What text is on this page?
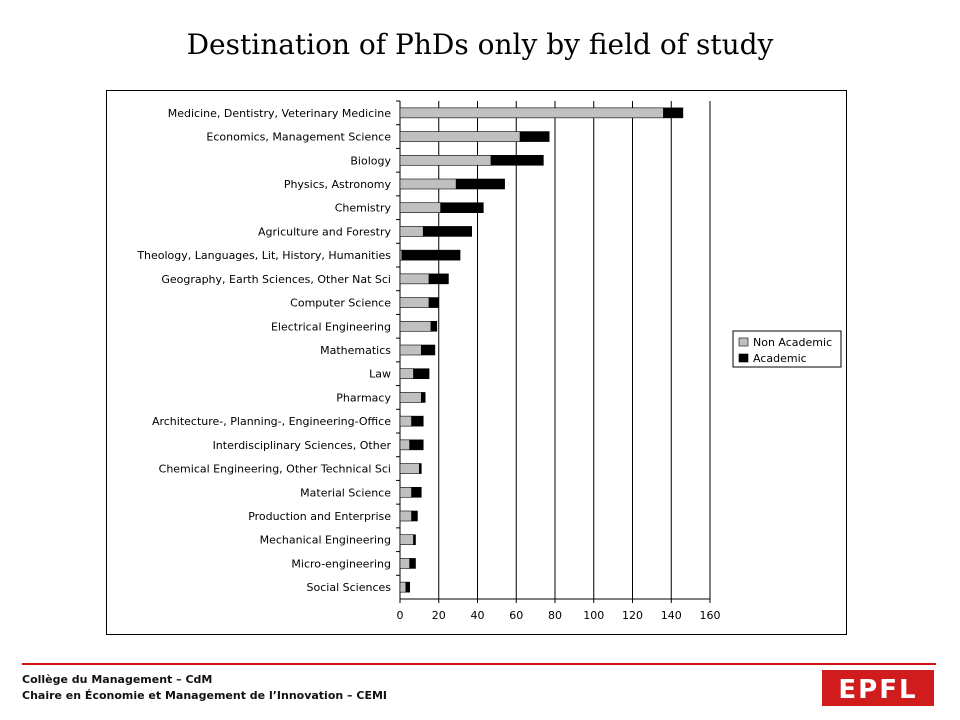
Destination of PhDs only by field of study
0	20 40 60 80 100 120 140 160
Medicine, Dentistry, Veterinary Medicine
Economics, Management Science
Biology
Physics, Astronomy
Chemistry
Agriculture and Forestry
Theology, Languages, Lit, History, Humanities
Geography, Earth Sciences, Other Nat Sci
Computer Science
Electrical Engineering
Mathematics
Law
Pharmacy
Architecture-, Planning-, Engineering-Office
Interdisciplinary Sciences, Other
Chemical Engineering, Other Technical Sci
Material Science
Production and Enterprise
Mechanical Engineering
Micro-engineering
Social Sciences
Non Academic
Academic
Collège du Management – CdM
Chaire en Économie et Management de l’Innovation – CEMI	EPFL
